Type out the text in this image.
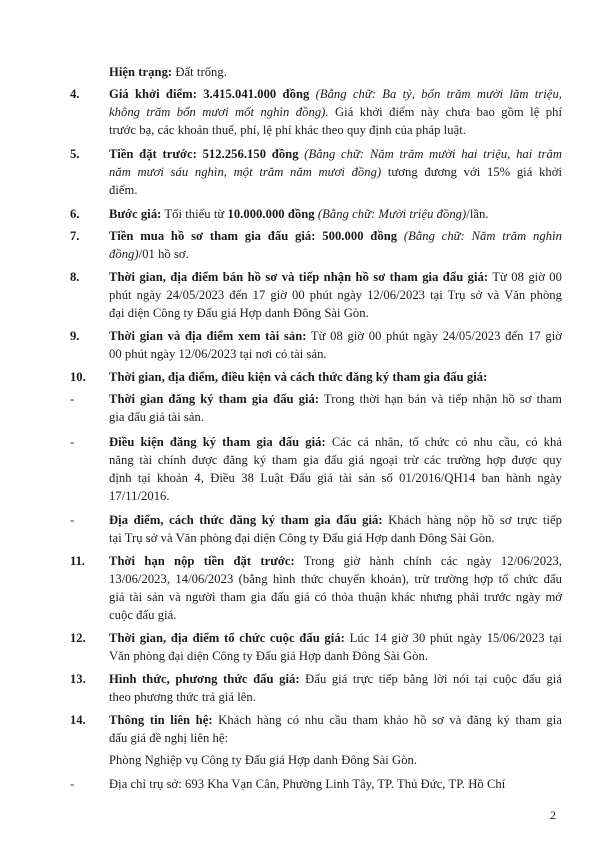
Hiện trạng: Đất trống.
4. Giá khởi điểm: 3.415.041.000 đồng (Bằng chữ: Ba tỷ, bốn trăm mười lăm triệu,
không trăm bốn mươi mốt nghìn đồng). Giá khởi điểm này chưa bao gồm lệ phí
trước bạ, các khoản thuế, phí, lệ phí khác theo quy định của pháp luật.
5. Tiền đặt trước: 512.256.150 đồng (Bằng chữ: Năm trăm mười hai triệu, hai trăm
năm mươi sáu nghìn, một trăm năm mươi đồng) tương đương với 15% giá khởi
điểm.
6. Bước giá: Tối thiểu từ 10.000.000 đồng (Bằng chữ: Mười triệu đồng)/lần.
7. Tiền mua hồ sơ tham gia đấu giá: 500.000 đồng (Bằng chữ: Năm trăm nghìn
đồng)/01 hồ sơ.
8. Thời gian, địa điểm bán hồ sơ và tiếp nhận hồ sơ tham gia đấu giá: Từ 08 giờ 00
phút ngày 24/05/2023 đến 17 giờ 00 phút ngày 12/06/2023 tại Trụ sở và Văn phòng
đại diện Công ty Đấu giá Hợp danh Đông Sài Gòn.
9. Thời gian và địa điểm xem tài sản: Từ 08 giờ 00 phút ngày 24/05/2023 đến 17 giờ
00 phút ngày 12/06/2023 tại nơi có tài sản.
10. Thời gian, địa điểm, điều kiện và cách thức đăng ký tham gia đấu giá:
-	Thời gian đăng ký tham gia đấu giá: Trong thời hạn bán và tiếp nhận hồ sơ tham
gia đấu giá tài sản.
-	Điều kiện đăng ký tham gia đấu giá: Các cá nhân, tổ chức có nhu cầu, có khả
năng tài chính được đăng ký tham gia đấu giá ngoại trừ các trường hợp được quy
định tại khoản 4, Điều 38 Luật Đấu giá tài sản số 01/2016/QH14 ban hành ngày
17/11/2016.
-	Địa điểm, cách thức đăng ký tham gia đấu giá: Khách hàng nộp hồ sơ trực tiếp
tại Trụ sở và Văn phòng đại diện Công ty Đấu giá Hợp danh Đông Sài Gòn.
11. Thời hạn nộp tiền đặt trước: Trong giờ hành chính các ngày 12/06/2023,
13/06/2023, 14/06/2023 (bằng hình thức chuyển khoản), trừ trường hợp tổ chức đấu
giá tài sản và người tham gia đấu giá có thỏa thuận khác nhưng phải trước ngày mở
cuộc đấu giá.
12. Thời gian, địa điểm tổ chức cuộc đấu giá: Lúc 14 giờ 30 phút ngày 15/06/2023 tại
Văn phòng đại diện Công ty Đấu giá Hợp danh Đông Sài Gòn.
13. Hình thức, phương thức đấu giá: Đấu giá trực tiếp bằng lời nói tại cuộc đấu giá
theo phương thức trả giá lên.
14. Thông tin liên hệ: Khách hàng có nhu cầu tham khảo hồ sơ và đăng ký tham gia
đấu giá đề nghị liên hệ:
Phòng Nghiệp vụ Công ty Đấu giá Hợp danh Đông Sài Gòn.
-	Địa chỉ trụ sở: 693 Kha Vạn Cân, Phường Linh Tây, TP. Thủ Đức, TP. Hồ Chí
2
